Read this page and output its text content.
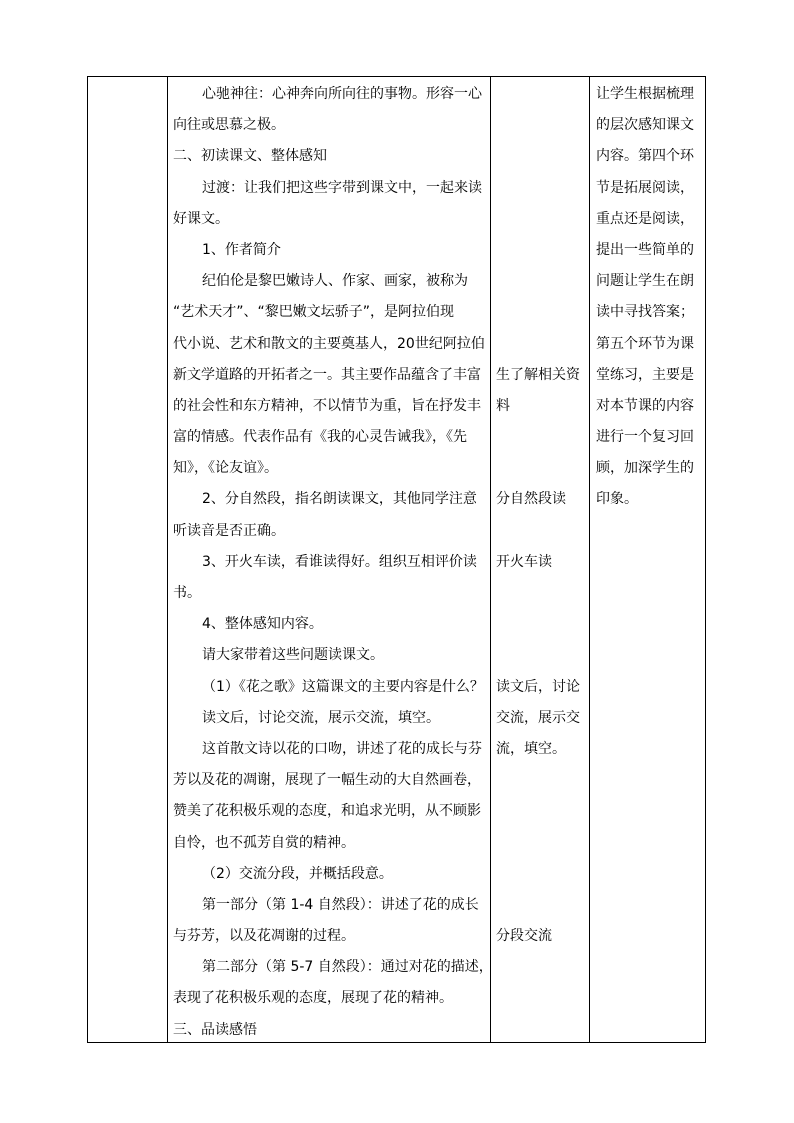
心驰神往：心神奔向所向往的事物。形容一心
向往或思慕之极。
二、初读课文、整体感知
过渡：让我们把这些字带到课文中，一起来读
好课文。
1、作者简介
纪伯伦是黎巴嫩诗人、作家、画家，被称为
“艺术天才”、“黎巴嫩文坛骄子”，是阿拉伯现
代小说、艺术和散文的主要奠基人，20世纪阿拉伯
新文学道路的开拓者之一。其主要作品蕴含了丰富
的社会性和东方精神，不以情节为重，旨在抒发丰
富的情感。代表作品有《我的心灵告诫我》，《先
知》，《论友谊》。
2、分自然段，指名朗读课文，其他同学注意
听读音是否正确。
3、开火车读，看谁读得好。组织互相评价读
书。
4、整体感知内容。
请大家带着这些问题读课文。
（1）《花之歌》这篇课文的主要内容是什么？
读文后，讨论交流，展示交流，填空。
这首散文诗以花的口吻，讲述了花的成长与芬
芳以及花的凋谢，展现了一幅生动的大自然画卷，
赞美了花积极乐观的态度，和追求光明，从不顾影
自怜，也不孤芳自赏的精神。
（2）交流分段，并概括段意。
第一部分（第 1-4 自然段）：讲述了花的成长
与芬芳，以及花凋谢的过程。
第二部分（第 5-7 自然段）：通过对花的描述，
表现了花积极乐观的态度，展现了花的精神。
三、品读感悟
生了解相关资
料
分自然段读
开火车读
读文后，讨论
交流，展示交
流，填空。
分段交流
让学生根据梳理
的层次感知课文
内容。第四个环
节是拓展阅读，
重点还是阅读，
提出一些简单的
问题让学生在朗
读中寻找答案；
第五个环节为课
堂练习，主要是
对本节课的内容
进行一个复习回
顾，加深学生的
印象。
